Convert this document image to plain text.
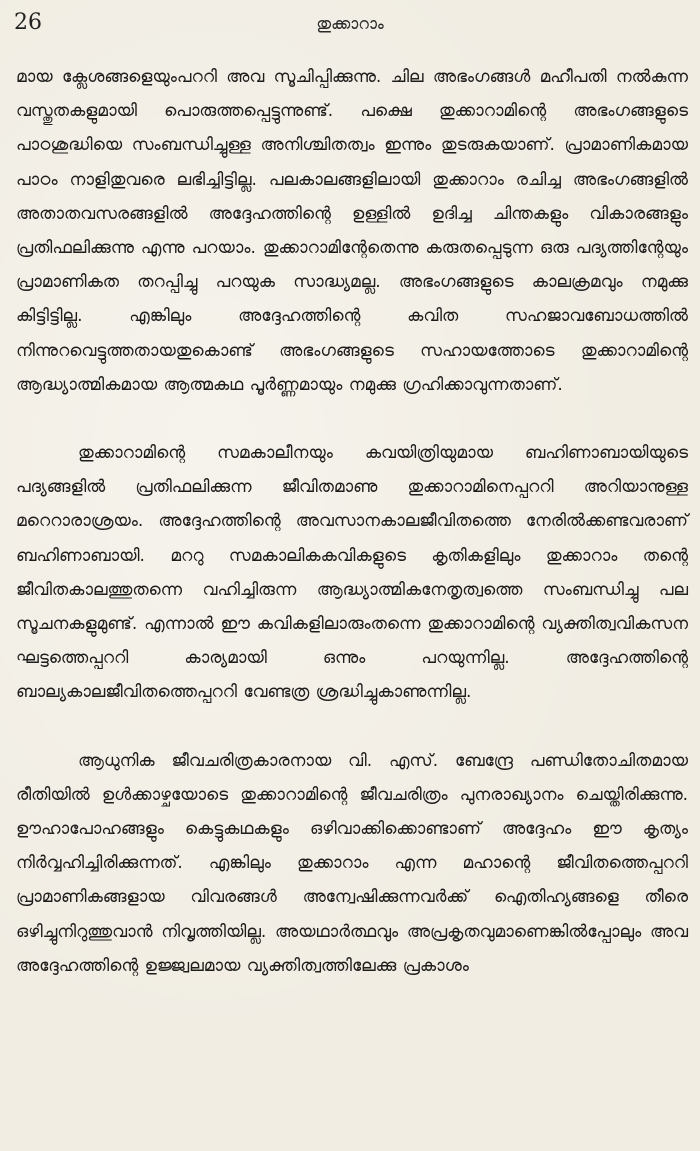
26	തുക്കാറാം

മായ ക്ലേശങ്ങളെയുംപററി അവ സൂചിപ്പിക്കുന്നു. ചില അഭംഗങ്ങൾ മഹീപതി നൽകുന്ന വസ്തുതകളുമായി പൊരുത്തപ്പെട്ടുന്നുണ്ട്. പക്ഷെ തുക്കാറാമിന്റെ അഭംഗങ്ങളുടെ പാഠശുദ്ധിയെ സംബന്ധിച്ചുള്ള അനിശ്ചിതത്വം ഇന്നും തുടരുകയാണ്. പ്രാമാണികമായ പാഠം നാളിതുവരെ ലഭിച്ചിട്ടില്ല. പലകാലങ്ങളിലായി തുക്കാറാം രചിച്ച അഭംഗങ്ങളിൽ അതാതവസരങ്ങളിൽ അദ്ദേഹത്തിന്റെ ഉള്ളിൽ ഉദിച്ച ചിന്തകളും വികാരങ്ങളും പ്രതിഫലിക്കുന്നു എന്നു പറയാം. തുക്കാറാമിന്റേതെന്നു കരുതപ്പെടുന്ന ഒരു പദ്യത്തിന്റേയും പ്രാമാണികത തറപ്പിച്ചു പറയുക സാദ്ധ്യമല്ല. അഭംഗങ്ങളുടെ കാലക്രമവും നമുക്കു കിട്ടിട്ടില്ല. എങ്കിലും അദ്ദേഹത്തിന്റെ കവിത സഹജാവബോധത്തിൽ നിന്നുറവെട്ടുത്തതായതുകൊണ്ട് അഭംഗങ്ങളുടെ സഹായത്തോടെ തുക്കാറാമിന്റെ ആദ്ധ്യാത്മികമായ ആത്മകഥ പൂർണ്ണമായും നമുക്കു ഗ്രഹിക്കാവുന്നതാണ്.

തുക്കാറാമിന്റെ സമകാലീനയും കവയിത്രിയുമായ ബഹിണാബായിയുടെ പദ്യങ്ങളിൽ പ്രതിഫലിക്കുന്ന ജീവിതമാണു തുക്കാറാമിനെപ്പററി അറിയാനുള്ള മറെറാരാശ്രയം. അദ്ദേഹത്തിന്റെ അവസാനകാലജീവിതത്തെ നേരിൽക്കണ്ടവരാണ് ബഹിണാബായി. മററു സമകാലികകവികളുടെ കൃതികളിലും തുക്കാറാം തന്റെ ജീവിതകാലത്തുതന്നെ വഹിച്ചിരുന്ന ആദ്ധ്യാത്മികനേതൃത്വത്തെ സംബന്ധിച്ചു പല സൂചനകളുമുണ്ട്. എന്നാൽ ഈ കവികളിലാരുംതന്നെ തുക്കാറാമിന്റെ വ്യക്തിത്വവികസന ഘട്ടത്തെപ്പററി കാര്യമായി ഒന്നും പറയുന്നില്ല. അദ്ദേഹത്തിന്റെ ബാല്യകാലജീവിതത്തെപ്പററി വേണ്ടത്ര ശ്രദ്ധിച്ചുകാണുന്നില്ല.

ആധുനിക ജീവചരിത്രകാരനായ വി. എസ്. ബേന്ദ്രേ പണ്ഡിതോചിതമായ രീതിയിൽ ഉൾക്കാഴ്ചയോടെ തുക്കാറാമിന്റെ ജീവചരിത്രം പുനരാഖ്യാനം ചെയ്തിരിക്കുന്നു. ഊഹാപോഹങ്ങളും കെട്ടുകഥകളും ഒഴിവാക്കിക്കൊണ്ടാണ് അദ്ദേഹം ഈ കൃത്യം നിർവ്വഹിച്ചിരിക്കുന്നത്. എങ്കിലും തുക്കാറാം എന്ന മഹാന്റെ ജീവിതത്തെപ്പററി പ്രാമാണികങ്ങളായ വിവരങ്ങൾ അന്വേഷിക്കുന്നവർക്ക് ഐതിഹ്യങ്ങളെ തീരെ ഒഴിച്ചുനിറുത്തുവാൻ നിവൃത്തിയില്ല. അയഥാർത്ഥവും അപ്രകൃതവുമാണെങ്കിൽപ്പോലും അവ അദ്ദേഹത്തിന്റെ ഉജ്ജ്വലമായ വ്യക്തിത്വത്തിലേക്കു പ്രകാശം
